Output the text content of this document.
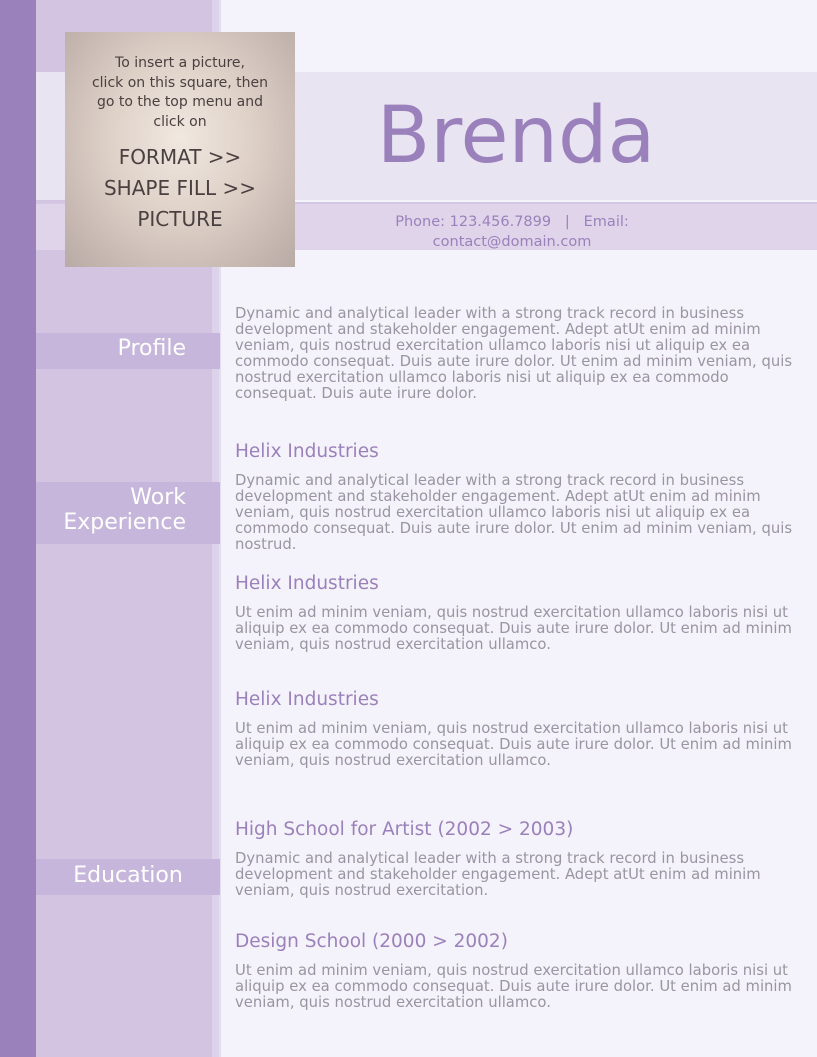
Brenda
Phone: 123.456.7899   |   Email:
contact@domain.com
To insert a picture,
click on this square, then
go to the top menu and
click on
FORMAT >>
SHAPE FILL >>
PICTURE
Profile
Work
Experience
Education
Dynamic and analytical leader with a strong track record in business development and stakeholder engagement. Adept atUt enim ad minim veniam, quis nostrud exercitation ullamco laboris nisi ut aliquip ex ea commodo consequat. Duis aute irure dolor. Ut enim ad minim veniam, quis nostrud exercitation ullamco laboris nisi ut aliquip ex ea commodo consequat. Duis aute irure dolor.
Helix Industries
Dynamic and analytical leader with a strong track record in business development and stakeholder engagement. Adept atUt enim ad minim veniam, quis nostrud exercitation ullamco laboris nisi ut aliquip ex ea commodo consequat. Duis aute irure dolor. Ut enim ad minim veniam, quis nostrud.
Helix Industries
Ut enim ad minim veniam, quis nostrud exercitation ullamco laboris nisi ut aliquip ex ea commodo consequat. Duis aute irure dolor. Ut enim ad minim veniam, quis nostrud exercitation ullamco.
Helix Industries
Ut enim ad minim veniam, quis nostrud exercitation ullamco laboris nisi ut aliquip ex ea commodo consequat. Duis aute irure dolor. Ut enim ad minim veniam, quis nostrud exercitation ullamco.
High School for Artist (2002 > 2003)
Dynamic and analytical leader with a strong track record in business development and stakeholder engagement. Adept atUt enim ad minim veniam, quis nostrud exercitation.
Design School (2000 > 2002)
Ut enim ad minim veniam, quis nostrud exercitation ullamco laboris nisi ut aliquip ex ea commodo consequat. Duis aute irure dolor. Ut enim ad minim veniam, quis nostrud exercitation ullamco.
